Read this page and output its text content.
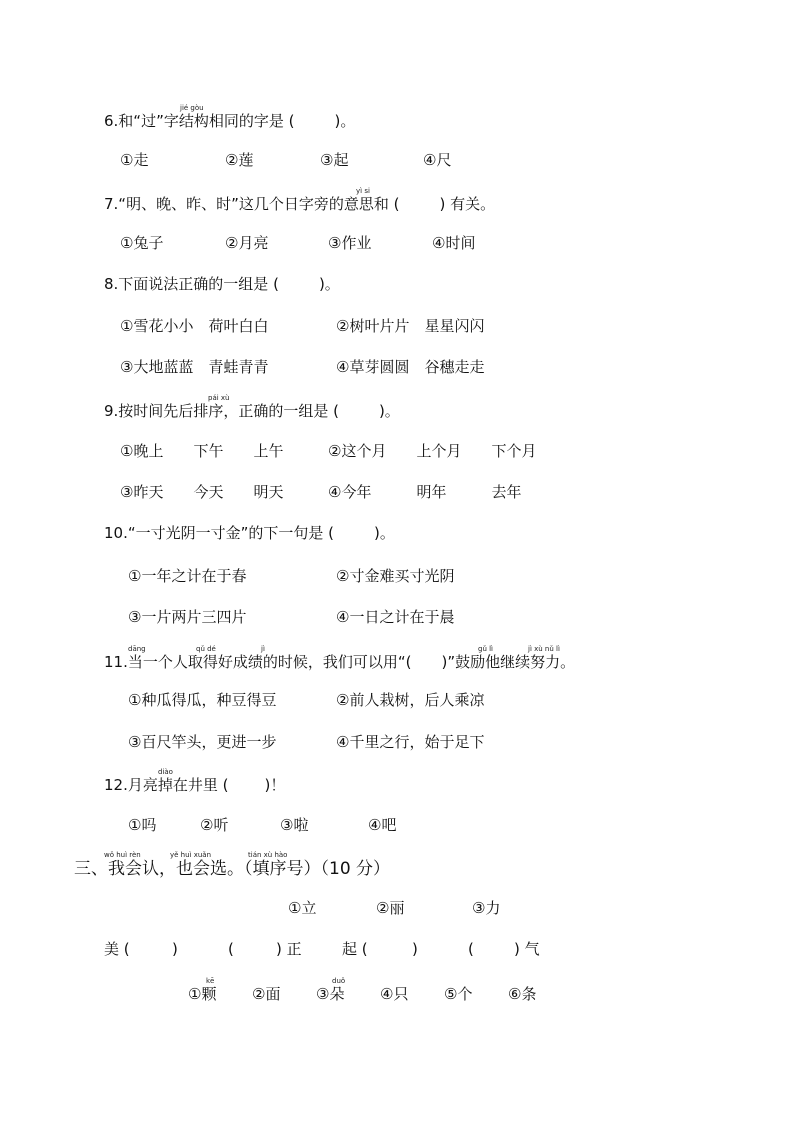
jié gòu
6.和“过”字结构相同的字是 (	)。
①走	②莲	③起	④尺
yì si
7.“明、晚、昨、时”这几个日字旁的意思和 (	) 有关。
①兔子	②月亮	③作业	④时间
8.下面说法正确的一组是 (	)。
①雪花小小　荷叶白白	②树叶片片　星星闪闪
③大地蓝蓝　青蛙青青	④草芽圆圆　谷穗走走
pái xù
9.按时间先后排序，正确的一组是 (	)。
①晚上　　下午　　上午	②这个月　　上个月　　下个月
③昨天　　今天　　明天	④今年　　　明年　　　去年
10.“一寸光阴一寸金”的下一句是 (	)。
①一年之计在于春	②寸金难买寸光阴
③一片两片三四片	④一日之计在于晨
dāng	qǔ dé	jì	gǔ lì	jì xù nǔ lì
11.当一个人取得好成绩的时候，我们可以用“(　　)”鼓励他继续努力。
①种瓜得瓜，种豆得豆	②前人栽树，后人乘凉
③百尺竿头，更进一步	④千里之行，始于足下
diào
12.月亮掉在井里 ( )！
①吗	②听	③啦	④吧
wǒ huì rèn	yě huì xuǎn	tián xù hào
三、我会认，也会选。（填序号）（10 分）
①立	②丽	③力
美 (	)	(	) 正	起 (	)	(	) 气
kē	duǒ
①颗 ②面 ③朵 ④只 ⑤个 ⑥条
